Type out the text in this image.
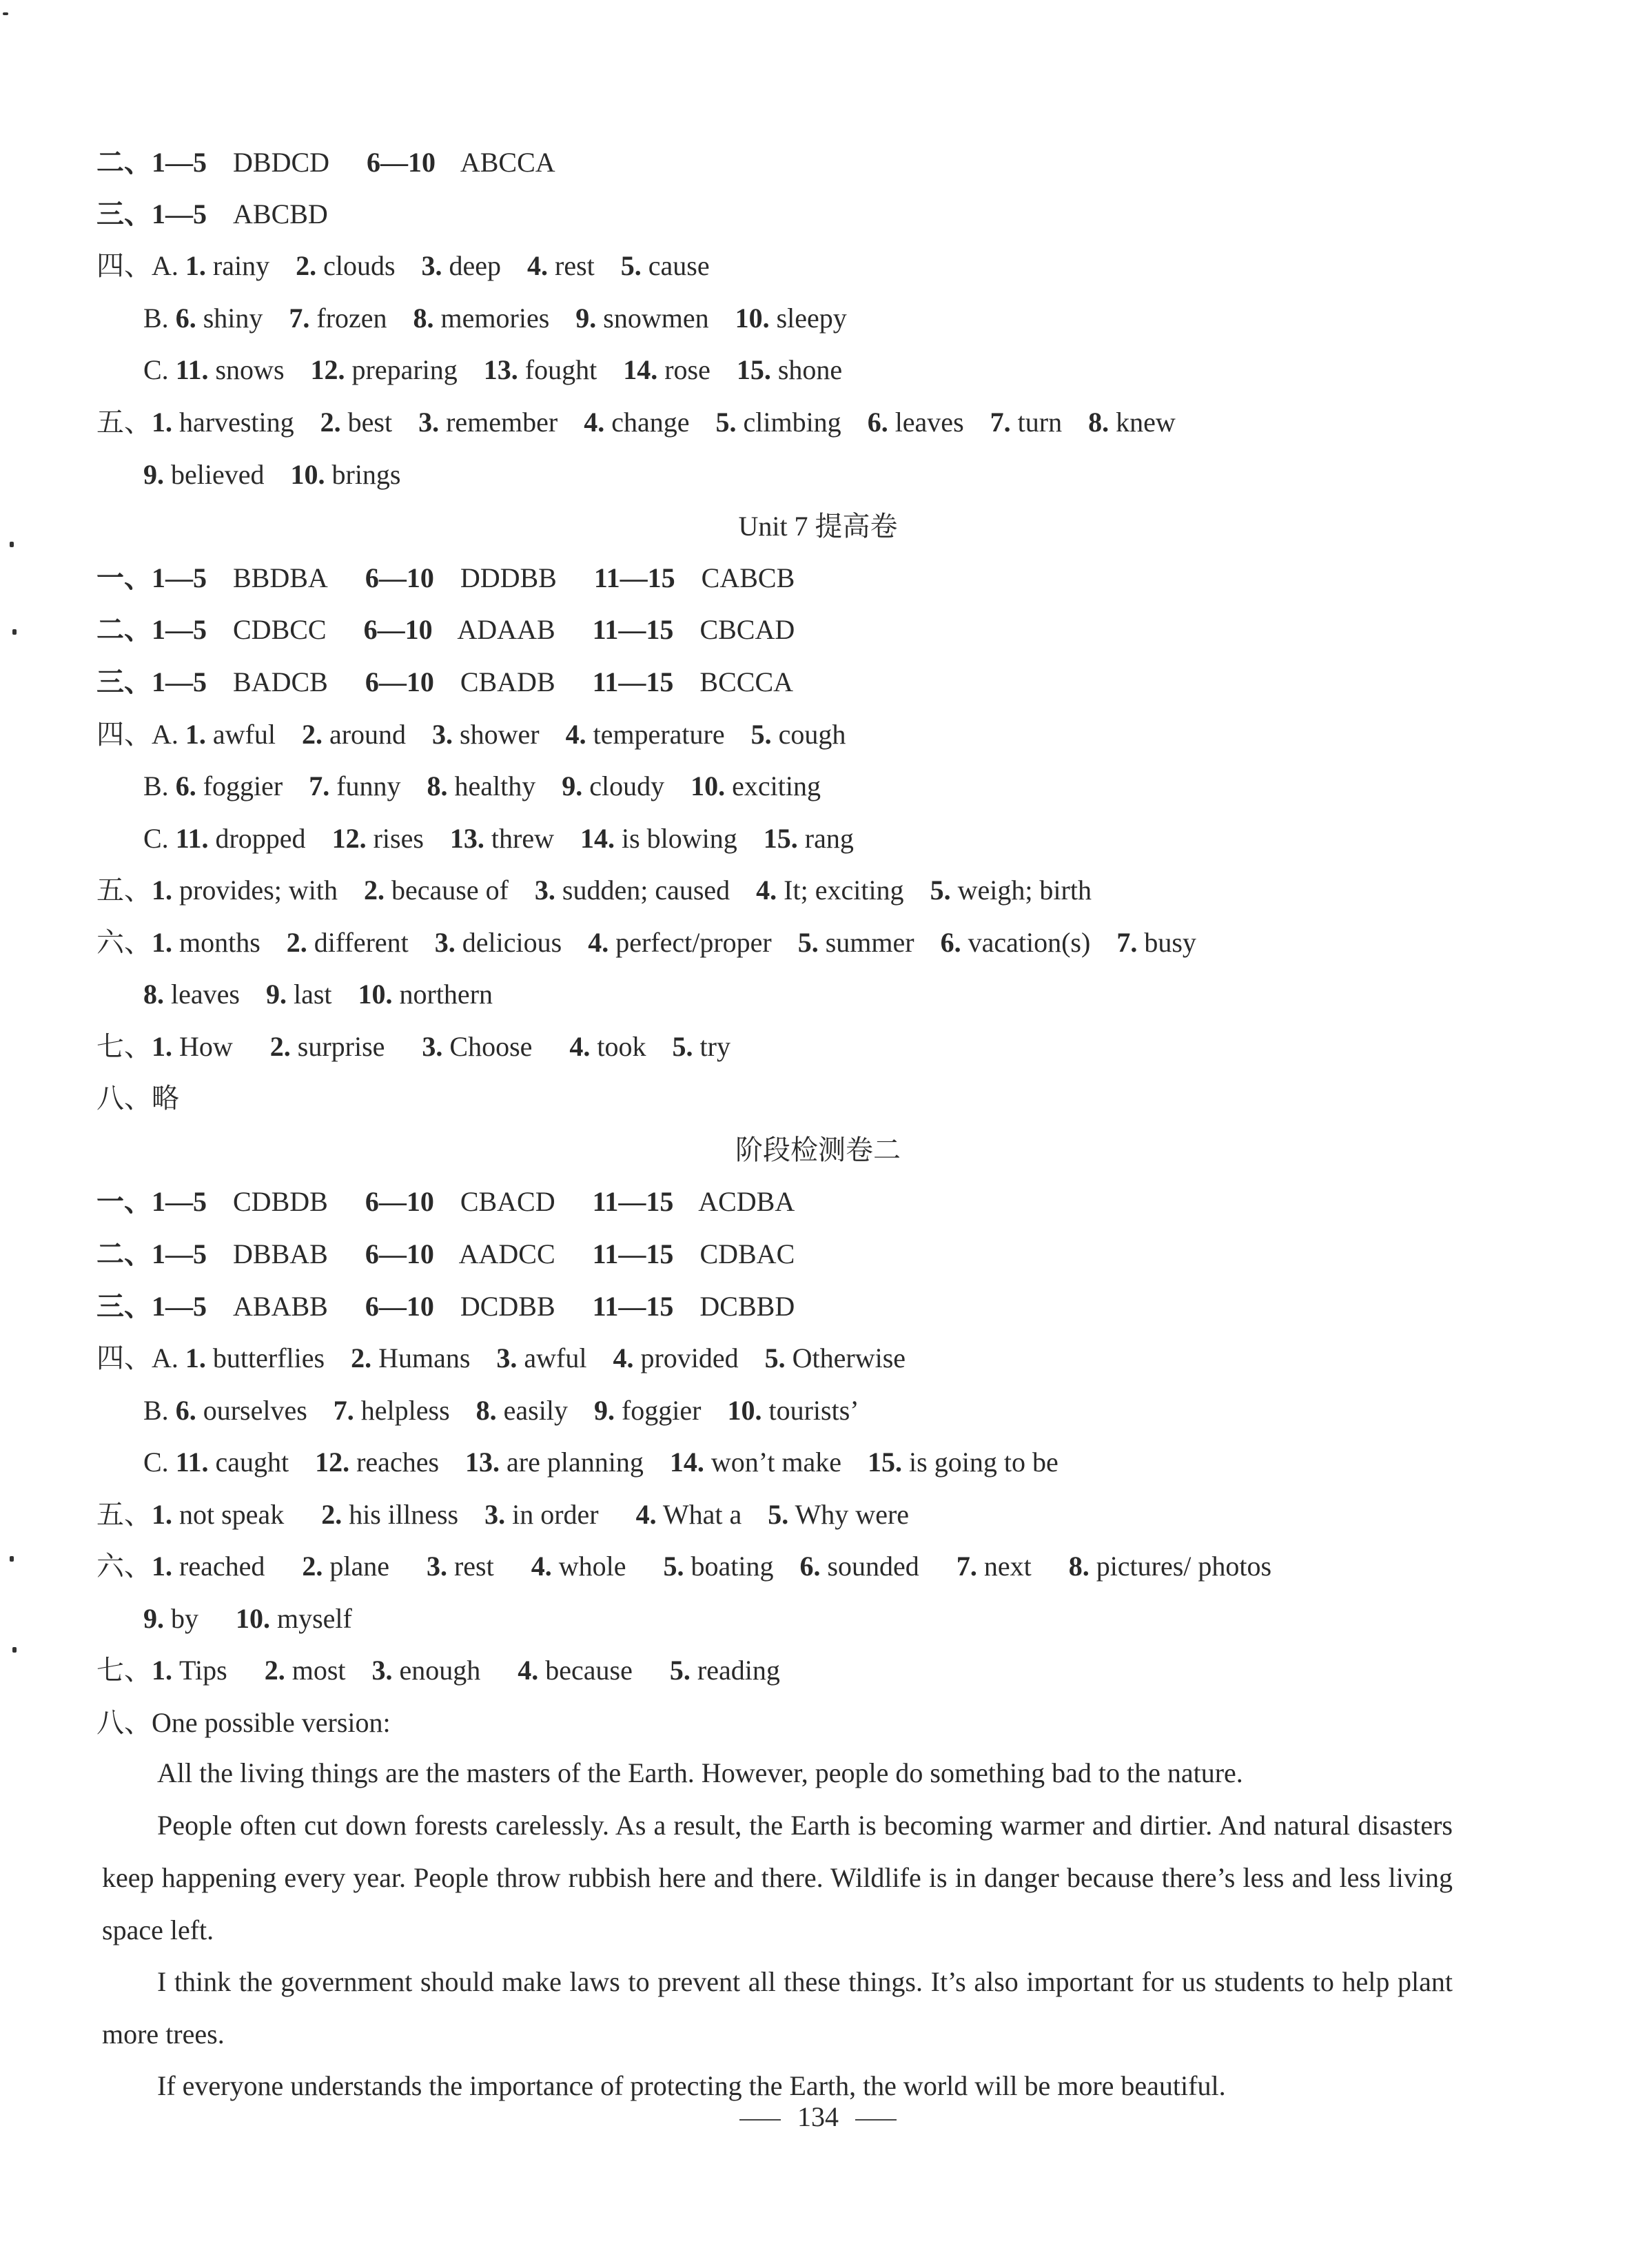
二、1—5 DBDCD 6—10 ABCCA
三、1—5 ABCBD
四、A. 1. rainy 2. clouds 3. deep 4. rest 5. cause
B. 6. shiny 7. frozen 8. memories 9. snowmen 10. sleepy
C. 11. snows 12. preparing 13. fought 14. rose 15. shone
五、1. harvesting 2. best 3. remember 4. change 5. climbing 6. leaves 7. turn 8. knew
9. believed 10. brings
Unit 7 提高卷
一、1—5 BBDBA 6—10 DDDBB 11—15 CABCB
二、1—5 CDBCC 6—10 ADAAB 11—15 CBCAD
三、1—5 BADCB 6—10 CBADB 11—15 BCCCA
四、A. 1. awful 2. around 3. shower 4. temperature 5. cough
B. 6. foggier 7. funny 8. healthy 9. cloudy 10. exciting
C. 11. dropped 12. rises 13. threw 14. is blowing 15. rang
五、1. provides; with 2. because of 3. sudden; caused 4. It; exciting 5. weigh; birth
六、1. months 2. different 3. delicious 4. perfect/proper 5. summer 6. vacation(s) 7. busy
8. leaves 9. last 10. northern
七、1. How 2. surprise 3. Choose 4. took 5. try
八、略
阶段检测卷二
一、1—5 CDBDB 6—10 CBACD 11—15 ACDBA
二、1—5 DBBAB 6—10 AADCC 11—15 CDBAC
三、1—5 ABABB 6—10 DCDBB 11—15 DCBBD
四、A. 1. butterflies 2. Humans 3. awful 4. provided 5. Otherwise
B. 6. ourselves 7. helpless 8. easily 9. foggier 10. tourists’
C. 11. caught 12. reaches 13. are planning 14. won’t make 15. is going to be
五、1. not speak 2. his illness 3. in order 4. What a 5. Why were
六、1. reached 2. plane 3. rest 4. whole 5. boating 6. sounded 7. next 8. pictures/ photos
9. by 10. myself
七、1. Tips 2. most 3. enough 4. because 5. reading
八、One possible version:
All the living things are the masters of the Earth. However, people do something bad to the nature.
People often cut down forests carelessly. As a result, the Earth is becoming warmer and dirtier. And natural disasters keep happening every year. People throw rubbish here and there. Wildlife is in danger because there’s less and less living space left.
I think the government should make laws to prevent all these things. It’s also important for us students to help plant more trees.
If everyone understands the importance of protecting the Earth, the world will be more beautiful.
134
